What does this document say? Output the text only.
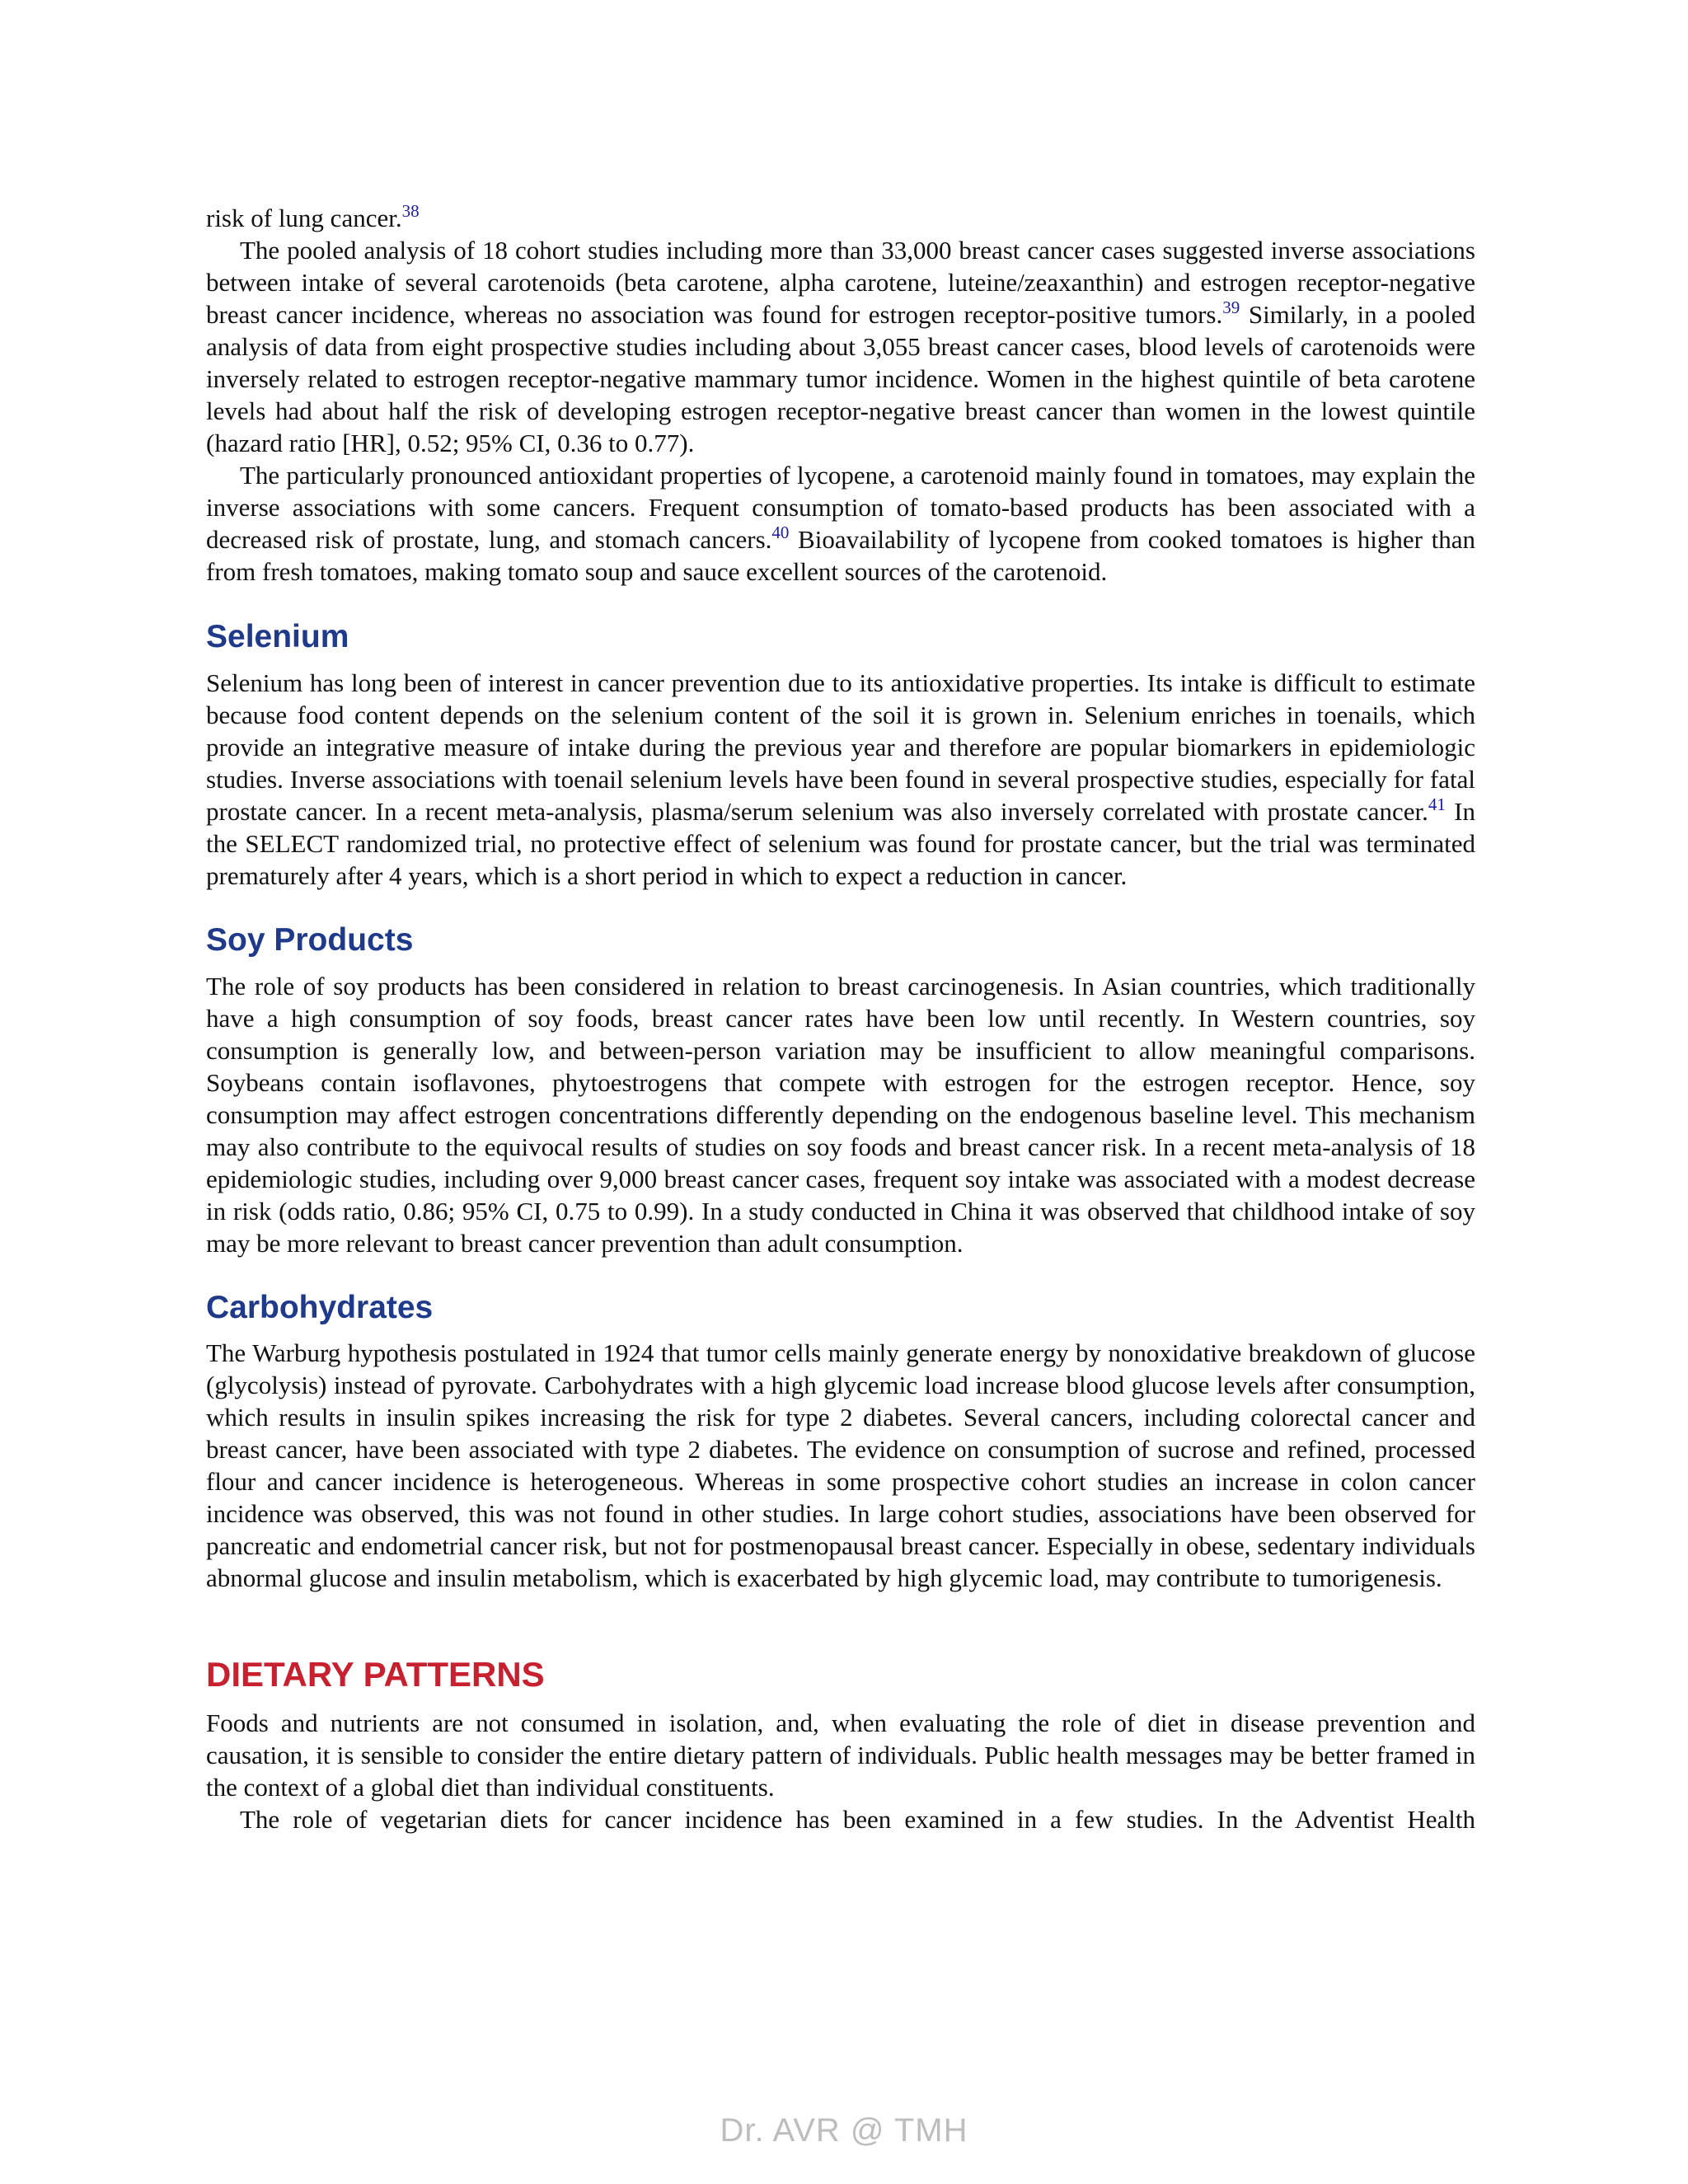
risk of lung cancer.$^{38}$

The pooled analysis of 18 cohort studies including more than 33,000 breast cancer cases suggested inverse associations between intake of several carotenoids (beta carotene, alpha carotene, luteine/zeaxanthin) and estrogen receptor-negative breast cancer incidence, whereas no association was found for estrogen receptor-positive tumors.$^{39}$ Similarly, in a pooled analysis of data from eight prospective studies including about 3,055 breast cancer cases, blood levels of carotenoids were inversely related to estrogen receptor-negative mammary tumor incidence. Women in the highest quintile of beta carotene levels had about half the risk of developing estrogen receptor-negative breast cancer than women in the lowest quintile (hazard ratio [HR], 0.52; 95% CI, 0.36 to 0.77).

The particularly pronounced antioxidant properties of lycopene, a carotenoid mainly found in tomatoes, may explain the inverse associations with some cancers. Frequent consumption of tomato-based products has been associated with a decreased risk of prostate, lung, and stomach cancers.$^{40}$ Bioavailability of lycopene from cooked tomatoes is higher than from fresh tomatoes, making tomato soup and sauce excellent sources of the carotenoid.

Selenium

Selenium has long been of interest in cancer prevention due to its antioxidative properties. Its intake is difficult to estimate because food content depends on the selenium content of the soil it is grown in. Selenium enriches in toenails, which provide an integrative measure of intake during the previous year and therefore are popular biomarkers in epidemiologic studies. Inverse associations with toenail selenium levels have been found in several prospective studies, especially for fatal prostate cancer. In a recent meta-analysis, plasma/serum selenium was also inversely correlated with prostate cancer.$^{41}$ In the SELECT randomized trial, no protective effect of selenium was found for prostate cancer, but the trial was terminated prematurely after 4 years, which is a short period in which to expect a reduction in cancer.

Soy Products

The role of soy products has been considered in relation to breast carcinogenesis. In Asian countries, which traditionally have a high consumption of soy foods, breast cancer rates have been low until recently. In Western countries, soy consumption is generally low, and between-person variation may be insufficient to allow meaningful comparisons. Soybeans contain isoflavones, phytoestrogens that compete with estrogen for the estrogen receptor. Hence, soy consumption may affect estrogen concentrations differently depending on the endogenous baseline level. This mechanism may also contribute to the equivocal results of studies on soy foods and breast cancer risk. In a recent meta-analysis of 18 epidemiologic studies, including over 9,000 breast cancer cases, frequent soy intake was associated with a modest decrease in risk (odds ratio, 0.86; 95% CI, 0.75 to 0.99). In a study conducted in China it was observed that childhood intake of soy may be more relevant to breast cancer prevention than adult consumption.

Carbohydrates

The Warburg hypothesis postulated in 1924 that tumor cells mainly generate energy by nonoxidative breakdown of glucose (glycolysis) instead of pyrovate. Carbohydrates with a high glycemic load increase blood glucose levels after consumption, which results in insulin spikes increasing the risk for type 2 diabetes. Several cancers, including colorectal cancer and breast cancer, have been associated with type 2 diabetes. The evidence on consumption of sucrose and refined, processed flour and cancer incidence is heterogeneous. Whereas in some prospective cohort studies an increase in colon cancer incidence was observed, this was not found in other studies. In large cohort studies, associations have been observed for pancreatic and endometrial cancer risk, but not for postmenopausal breast cancer. Especially in obese, sedentary individuals abnormal glucose and insulin metabolism, which is exacerbated by high glycemic load, may contribute to tumorigenesis.

DIETARY PATTERNS

Foods and nutrients are not consumed in isolation, and, when evaluating the role of diet in disease prevention and causation, it is sensible to consider the entire dietary pattern of individuals. Public health messages may be better framed in the context of a global diet than individual constituents.

The role of vegetarian diets for cancer incidence has been examined in a few studies. In the Adventist Health

Dr. AVR @ TMH
